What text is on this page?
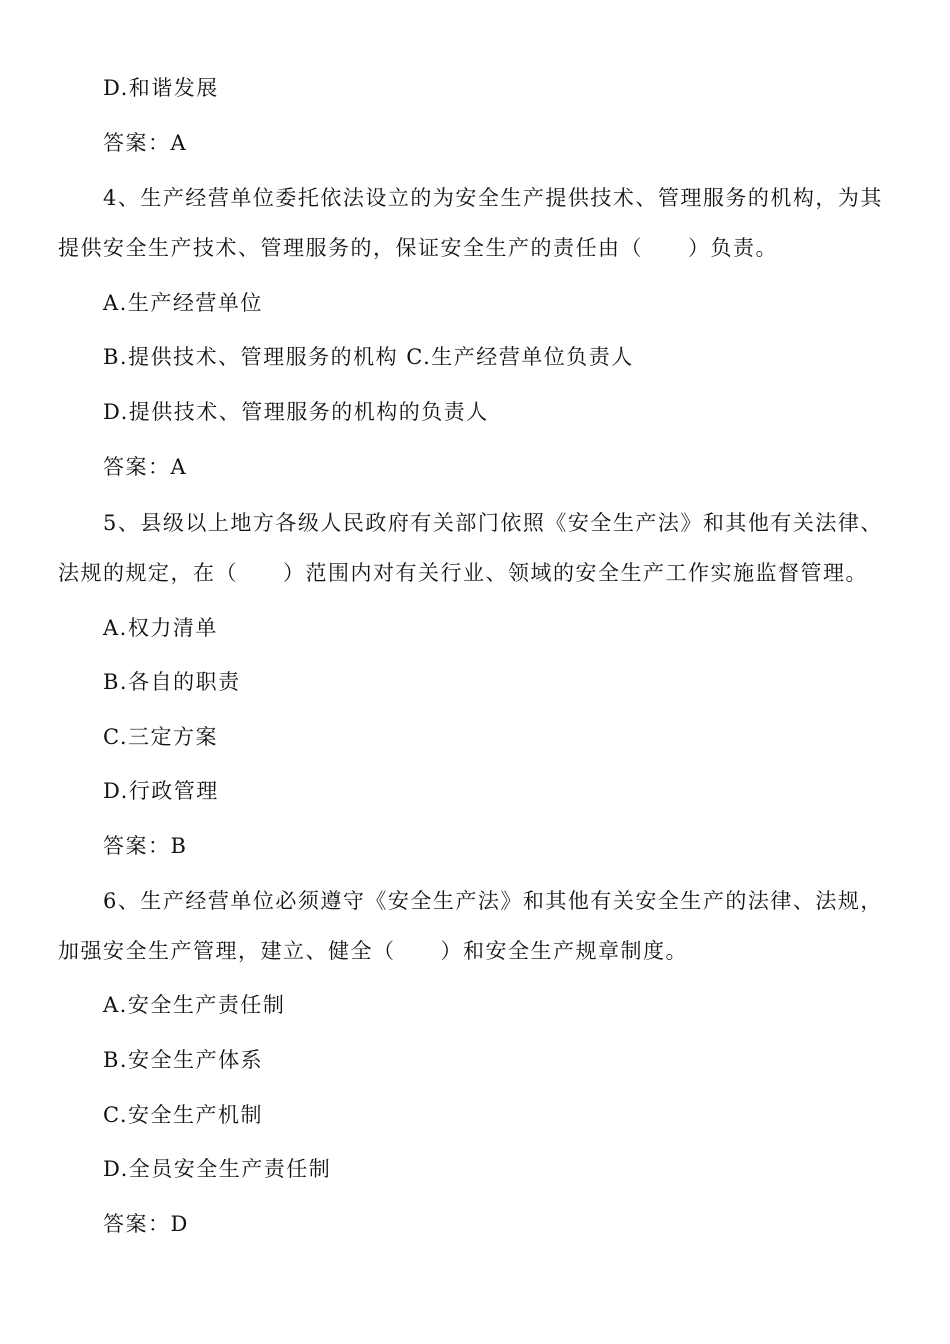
D.和谐发展
答案：A
4、生产经营单位委托依法设立的为安全生产提供技术、管理服务的机构，为其
提供安全生产技术、管理服务的，保证安全生产的责任由（　　）负责。
A.生产经营单位
B.提供技术、管理服务的机构 C.生产经营单位负责人
D.提供技术、管理服务的机构的负责人
答案：A
5、县级以上地方各级人民政府有关部门依照《安全生产法》和其他有关法律、
法规的规定，在（　　）范围内对有关行业、领域的安全生产工作实施监督管理。
A.权力清单
B.各自的职责
C.三定方案
D.行政管理
答案：B
6、生产经营单位必须遵守《安全生产法》和其他有关安全生产的法律、法规，
加强安全生产管理，建立、健全（　　）和安全生产规章制度。
A.安全生产责任制
B.安全生产体系
C.安全生产机制
D.全员安全生产责任制
答案：D
